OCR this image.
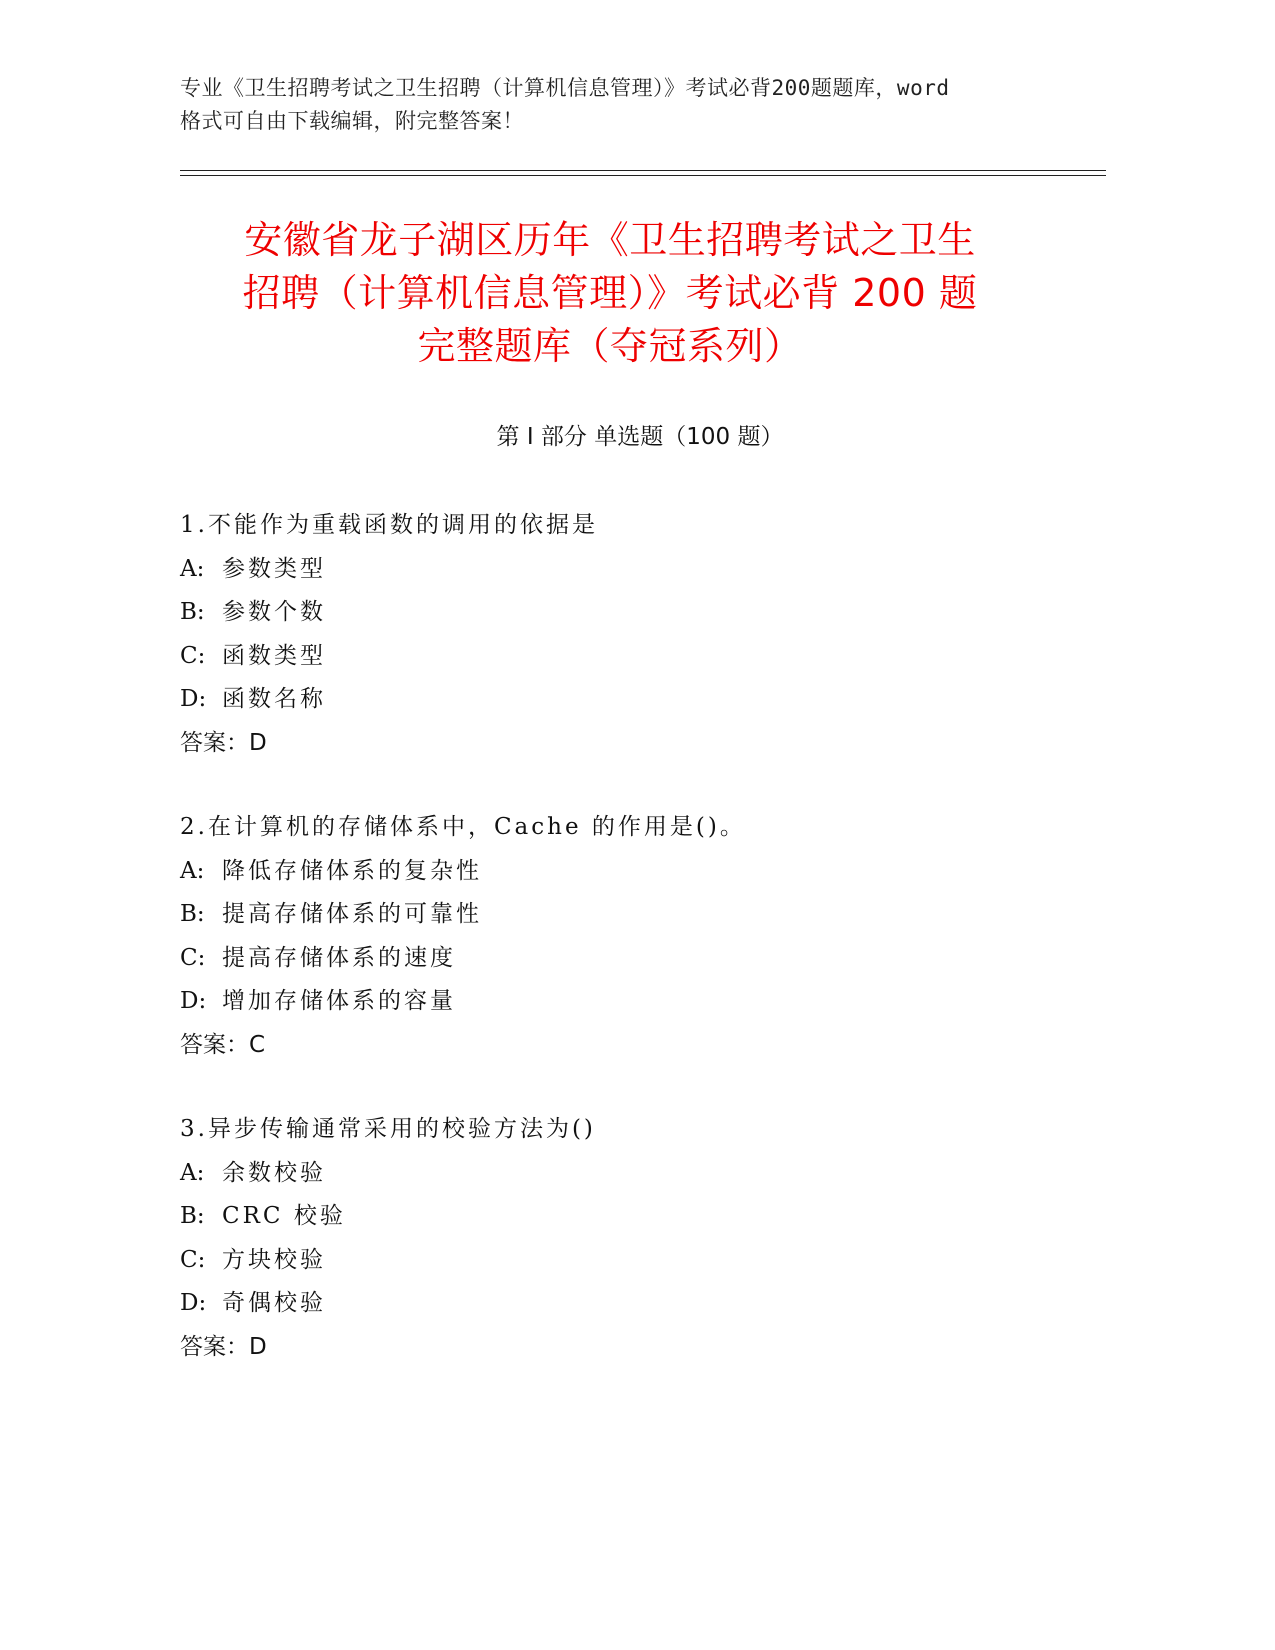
专业《卫生招聘考试之卫生招聘（计算机信息管理）》考试必背200题题库，word
格式可自由下载编辑，附完整答案！
安徽省龙子湖区历年《卫生招聘考试之卫生
招聘（计算机信息管理）》考试必背 200 题
完整题库（夺冠系列）
第 I 部分 单选题（100 题）
1.不能作为重载函数的调用的依据是
A: 参数类型
B: 参数个数
C: 函数类型
D: 函数名称
答案：D
2.在计算机的存储体系中，Cache 的作用是()。
A: 降低存储体系的复杂性
B: 提高存储体系的可靠性
C: 提高存储体系的速度
D: 增加存储体系的容量
答案：C
3.异步传输通常采用的校验方法为()
A: 余数校验
B: CRC 校验
C: 方块校验
D: 奇偶校验
答案：D
